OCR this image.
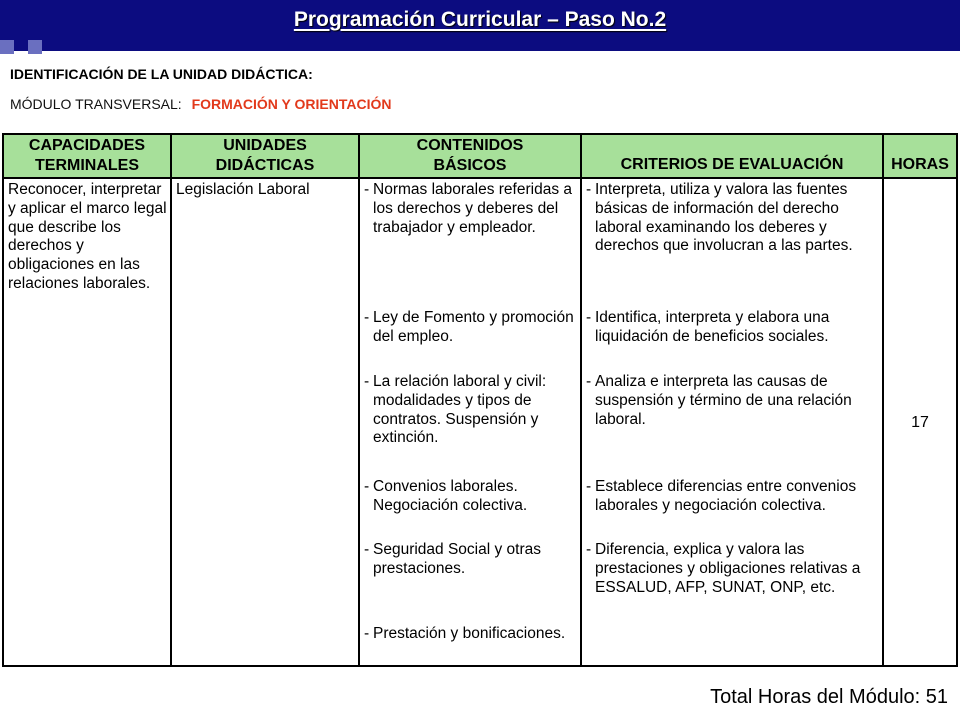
Programación Curricular – Paso No.2
IDENTIFICACIÓN DE LA UNIDAD DIDÁCTICA:
MÓDULO TRANSVERSAL: FORMACIÓN Y ORIENTACIÓN
CAPACIDADES
TERMINALES
Reconocer, interpretar y aplicar el marco legal que describe los derechos y obligaciones en las relaciones laborales.
UNIDADES
DIDÁCTICAS
Legislación Laboral
CONTENIDOS
BÁSICOS
- Normas laborales referidas a los derechos y deberes del trabajador y empleador.
- Ley de Fomento y promoción del empleo.
- La relación laboral y civil: modalidades y tipos de contratos. Suspensión y extinción.
- Convenios laborales. Negociación colectiva.
- Seguridad Social y otras prestaciones.
- Prestación y bonificaciones.
CRITERIOS DE EVALUACIÓN
- Interpreta, utiliza y valora las fuentes básicas de información del derecho laboral examinando los deberes y derechos que involucran a las partes.
- Identifica, interpreta y elabora una liquidación de beneficios sociales.
- Analiza e interpreta las causas de suspensión y término de una relación laboral.
- Establece diferencias entre convenios laborales y negociación colectiva.
- Diferencia, explica y valora las prestaciones y obligaciones relativas a ESSALUD, AFP, SUNAT, ONP, etc.
HORAS
17
Total Horas del Módulo: 51
